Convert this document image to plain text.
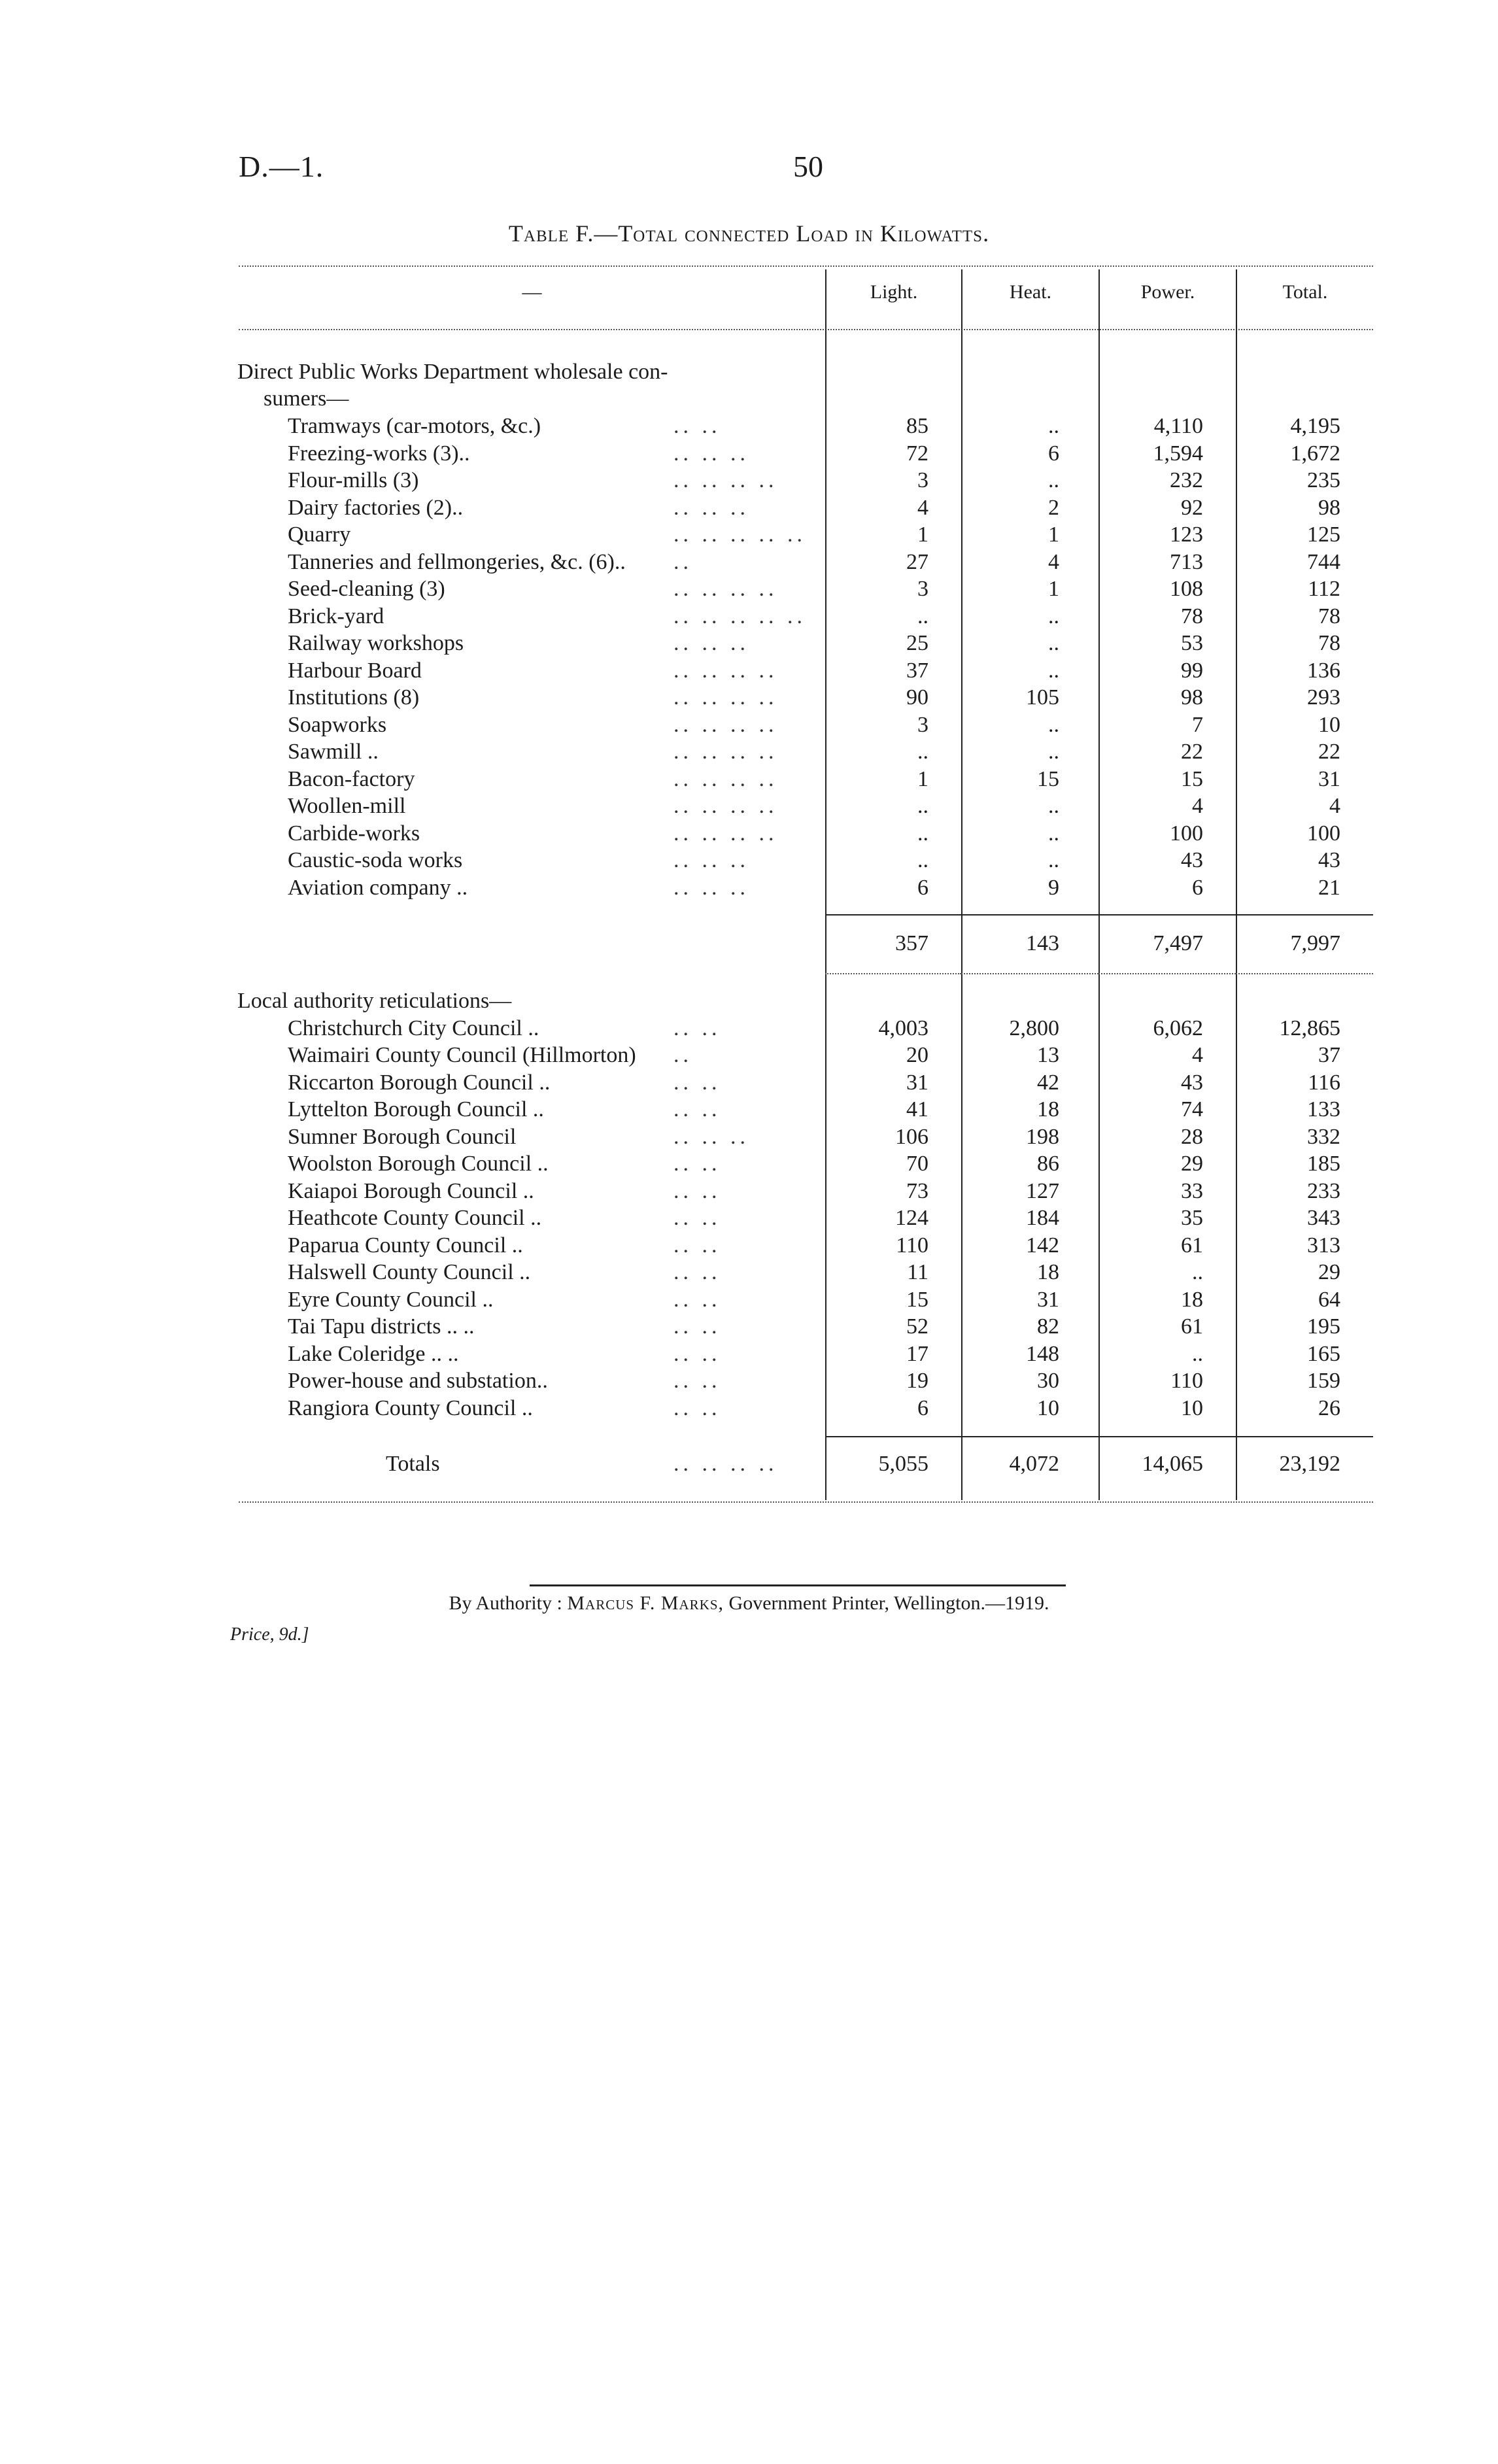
D.—1.	50
Table F.—Total connected Load in Kilowatts.
—	Light.	Heat.	Power.	Total.
Direct Public Works Department wholesale con-
sumers—
Tramways (car-motors, &c.)	.. ..	85	..	4,110	4,195
Freezing-works (3)..	.. .. ..	72	6	1,594	1,672
Flour-mills (3)	.. .. .. ..	3	..	232	235
Dairy factories (2)..	.. .. ..	4	2	92	98
Quarry	.. .. .. .. ..	1	1	123	125
Tanneries and fellmongeries, &c. (6).. ..	27	4	713	744
Seed-cleaning (3)	.. .. .. ..	3	1	108	112
Brick-yard	.. .. .. .. ..	..	..	78	78
Railway workshops	.. .. ..	25	..	53	78
Harbour Board	.. .. .. ..	37	..	99	136
Institutions (8)	.. .. .. ..	90	105	98	293
Soapworks	.. .. .. ..	3	..	7	10
Sawmill ..	.. .. .. ..	..	..	22	22
Bacon-factory	.. .. .. ..	1	15	15	31
Woollen-mill	.. .. .. ..	..	..	4	4
Carbide-works	.. .. .. ..	..	..	100	100
Caustic-soda works	.. .. ..	..	..	43	43
Aviation company ..	.. .. ..	6	9	6	21
357	143	7,497	7,997
Local authority reticulations—
Christchurch City Council ..	.. ..	4,003	2,800	6,062	12,865
Waimairi County Council (Hillmorton) ..	20	13	4	37
Riccarton Borough Council ..	.. ..	31	42	43	116
Lyttelton Borough Council ..	.. ..	41	18	74	133
Sumner Borough Council	.. .. ..	106	198	28	332
Woolston Borough Council ..	.. ..	70	86	29	185
Kaiapoi Borough Council ..	.. ..	73	127	33	233
Heathcote County Council ..	.. ..	124	184	35	343
Paparua County Council ..	.. ..	110	142	61	313
Halswell County Council ..	.. ..	11	18	..	29
Eyre County Council ..	.. ..	15	31	18	64
Tai Tapu districts .. ..	.. ..	52	82	61	195
Lake Coleridge .. ..	.. ..	17	148	..	165
Power-house and substation..	.. ..	19	30	110	159
Rangiora County Council ..	.. ..	6	10	10	26
Totals	.. .. .. ..	5,055	4,072	14,065	23,192
By Authority : Marcus F. Marks, Government Printer, Wellington.—1919.
Price, 9d.]
